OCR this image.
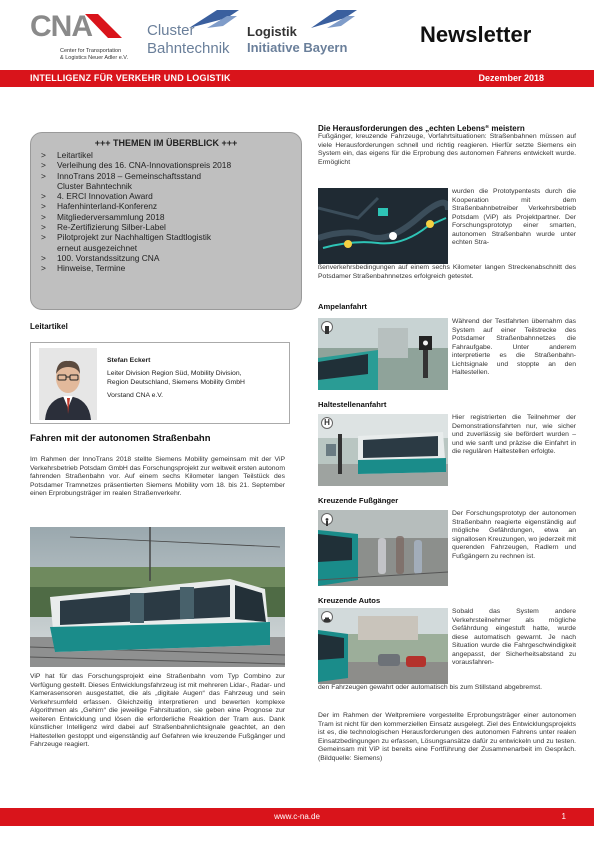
CNA
Center for Transportation
& Logistics Neuer Adler e.V.
Cluster
Bahntechnik
Logistik
Initiative Bayern
Newsletter
INTELLIGENZ FÜR VERKEHR UND LOGISTIK	Dezember 2018
+++ THEMEN IM ÜBERBLICK +++
> Leitartikel
> Verleihung des 16. CNA-Innovationspreis 2018
> InnoTrans 2018 – Gemeinschaftsstand
Cluster Bahntechnik
> 4. ERCI Innovation Award
> Hafenhinterland-Konferenz
> Mitgliederversammlung 2018
> Re-Zertifizierung Silber-Label
> Pilotprojekt zur Nachhaltigen Stadtlogistik
erneut ausgezeichnet
> 100. Vorstandssitzung CNA
> Hinweise, Termine
Leitartikel
Stefan Eckert
Leiter Division Region Süd, Mobility Division,
Region Deutschland, Siemens Mobility GmbH
Vorstand CNA e.V.
Fahren mit der autonomen Straßenbahn
Im Rahmen der InnoTrans 2018 stellte Siemens Mobility gemeinsam mit der ViP Verkehrsbetrieb Potsdam GmbH das Forschungsprojekt zur weltweit ersten autonom fahrenden Straßenbahn vor. Auf einem sechs Kilometer langen Teilstück des Potsdamer Tramnetzes präsentierten Siemens Mobility vom 18. bis 21. September einen Erprobungsträger im realen Straßenverkehr.
ViP hat für das Forschungsprojekt eine Straßenbahn vom Typ Combino zur Verfügung gestellt. Dieses Entwicklungsfahrzeug ist mit mehreren Lidar-, Radar- und Kamerasensoren ausgestattet, die als „digitale Augen“ das Fahrzeug und sein Verkehrsumfeld erfassen. Gleichzeitig interpretieren und bewerten komplexe Algorithmen als „Gehirn“ die jeweilige Fahrsituation, sie geben eine Prognose zur weiteren Entwicklung und lösen die erforderliche Reaktion der Tram aus. Dank künstlicher Intelligenz wird dabei auf Straßenbahnlichtsignale geachtet, an den Haltestellen gestoppt und eigenständig auf Gefahren wie kreuzende Fußgänger und Fahrzeuge reagiert.
Die Herausforderungen des „echten Lebens“ meistern
Fußgänger, kreuzende Fahrzeuge, Vorfahrtsituationen: Straßenbahnen müssen auf viele Herausforderungen schnell und richtig reagieren. Hierfür setzte Siemens ein System ein, das eigens für die Erprobung des autonomen Fahrens entwickelt wurde. Ermöglicht
wurden die Prototypentests durch die Kooperation mit dem Straßenbahnbetreiber Verkehrsbetrieb Potsdam (ViP) als Projektpartner. Der Forschungsprototyp einer smarten, autonomen Straßenbahn wurde unter echten Stra-
ßenverkehrsbedingungen auf einem sechs Kilometer langen Streckenabschnitt des Potsdamer Straßenbahnnetzes erfolgreich getestet.
Ampelanfahrt
Während der Testfahrten übernahm das System auf einer Teilstrecke des Potsdamer Straßenbahnnetzes die Fahraufgabe. Unter anderem interpretierte es die Straßenbahn-Lichtsignale und stoppte an den Haltestellen.
Haltestellenanfahrt
H
Hier registrierten die Teilnehmer der Demonstrationsfahrten nur, wie sicher und zuverlässig sie befördert wurden – und wie sanft und präzise die Einfahrt in die regulären Haltestellen erfolgte.
Kreuzende Fußgänger
Der Forschungsprototyp der autonomen Straßenbahn reagierte eigenständig auf mögliche Gefährdungen, etwa an signallosen Kreuzungen, wo jederzeit mit querenden Fahrzeugen, Radlern und Fußgängern zu rechnen ist.
Kreuzende Autos
Sobald das System andere Verkehrsteilnehmer als mögliche Gefährdung eingestuft hatte, wurde diese automatisch gewarnt. Je nach Situation wurde die Fahrgeschwindigkeit angepasst, der Sicherheitsabstand zu vorausfahren-
den Fahrzeugen gewahrt oder automatisch bis zum Stillstand abgebremst.
Der im Rahmen der Weltpremiere vorgestellte Erprobungsträger einer autonomen Tram ist nicht für den kommerziellen Einsatz ausgelegt. Ziel des Entwicklungsprojekts ist es, die technologischen Herausforderungen des autonomen Fahrens unter realen Einsatzbedingungen zu erfassen, Lösungsansätze dafür zu entwickeln und zu testen. Gemeinsam mit ViP ist bereits eine Fortführung der Zusammenarbeit im Gespräch. (Bildquelle: Siemens)
www.c-na.de	1
